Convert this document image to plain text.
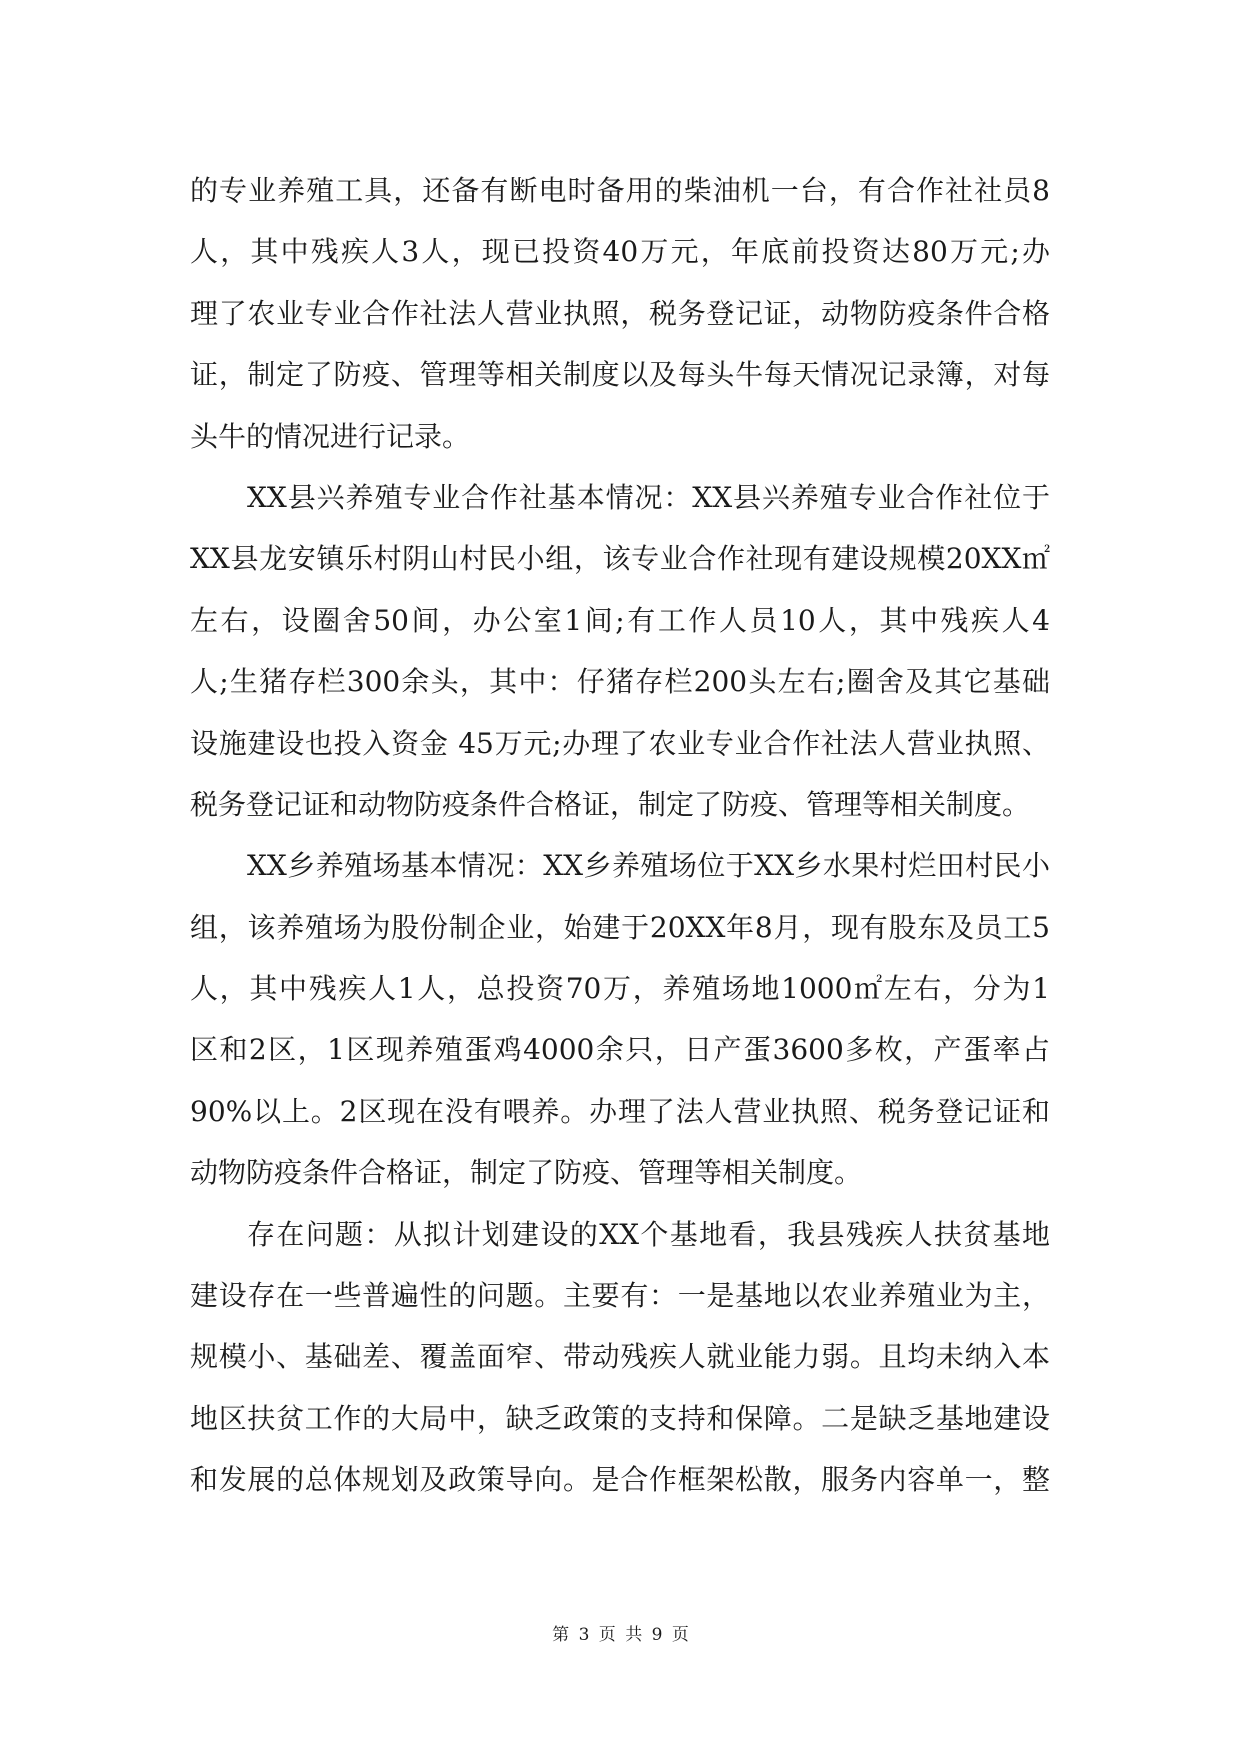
的专业养殖工具，还备有断电时备用的柴油机一台，有合作社社员8
人，其中残疾人3人，现已投资40万元，年底前投资达80万元;办
理了农业专业合作社法人营业执照，税务登记证，动物防疫条件合格
证，制定了防疫、管理等相关制度以及每头牛每天情况记录簿，对每
头牛的情况进行记录。
XX县兴养殖专业合作社基本情况：XX县兴养殖专业合作社位于
XX县龙安镇乐村阴山村民小组，该专业合作社现有建设规模20XX㎡
左右，设圈舍50间，办公室1间;有工作人员10人，其中残疾人4
人;生猪存栏300余头，其中：仔猪存栏200头左右;圈舍及其它基础
设施建设也投入资金 45万元;办理了农业专业合作社法人营业执照、
税务登记证和动物防疫条件合格证，制定了防疫、管理等相关制度。
XX乡养殖场基本情况：XX乡养殖场位于XX乡水果村烂田村民小
组，该养殖场为股份制企业，始建于20XX年8月，现有股东及员工5
人，其中残疾人1人，总投资70万，养殖场地1000㎡左右，分为1
区和2区，1区现养殖蛋鸡4000余只，日产蛋3600多枚，产蛋率占
90%以上。2区现在没有喂养。办理了法人营业执照、税务登记证和
动物防疫条件合格证，制定了防疫、管理等相关制度。
存在问题：从拟计划建设的XX个基地看，我县残疾人扶贫基地
建设存在一些普遍性的问题。主要有：一是基地以农业养殖业为主，
规模小、基础差、覆盖面窄、带动残疾人就业能力弱。且均未纳入本
地区扶贫工作的大局中，缺乏政策的支持和保障。二是缺乏基地建设
和发展的总体规划及政策导向。是合作框架松散，服务内容单一，整
第 3 页 共 9 页
